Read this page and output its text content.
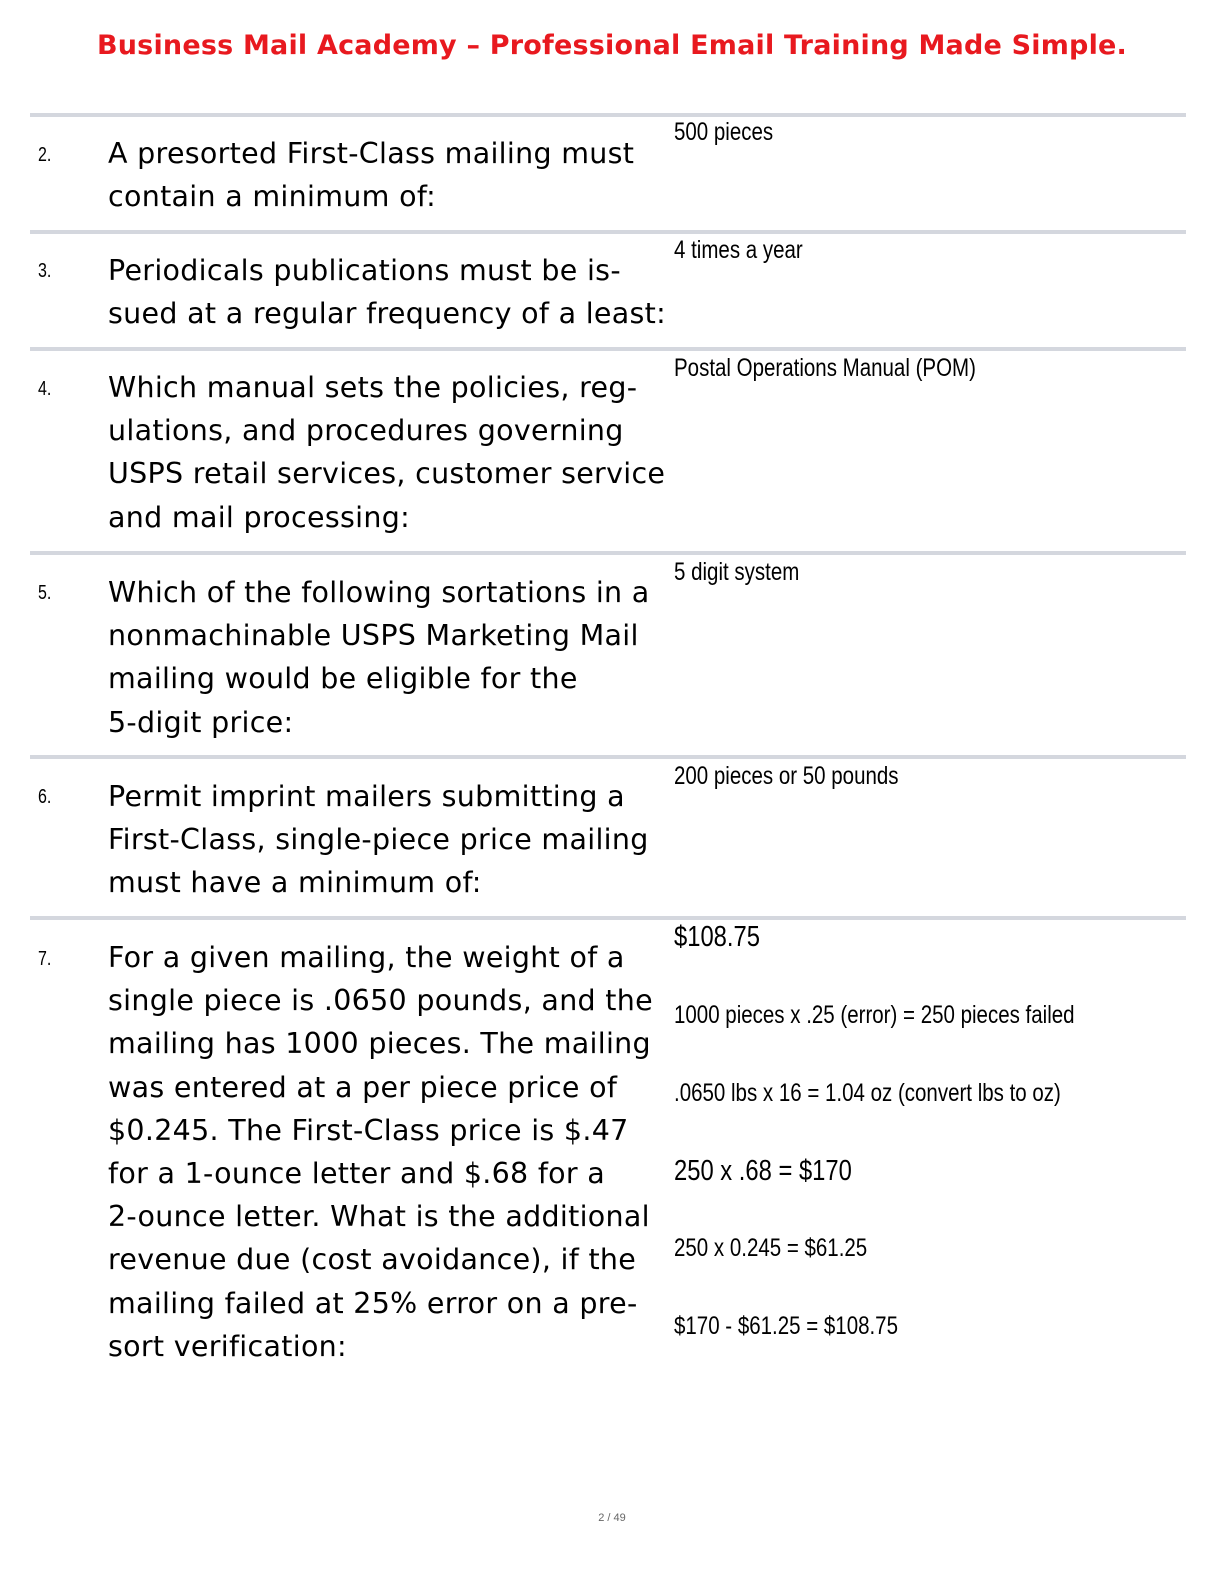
Business Mail Academy – Professional Email Training Made Simple.
2. A presorted First-Class mailing must
contain a minimum of:
500 pieces
3. Periodicals publications must be is-
sued at a regular frequency of a least:
4 times a year
4. Which manual sets the policies, reg-
ulations, and procedures governing
USPS retail services, customer service
and mail processing:
Postal Operations Manual (POM)
5. Which of the following sortations in a
nonmachinable USPS Marketing Mail
mailing would be eligible for the
5-digit price:
5 digit system
6. Permit imprint mailers submitting a
First-Class, single-piece price mailing
must have a minimum of:
200 pieces or 50 pounds
7. For a given mailing, the weight of a
single piece is .0650 pounds, and the
mailing has 1000 pieces. The mailing
was entered at a per piece price of
$0.245. The First-Class price is $.47
for a 1-ounce letter and $.68 for a
2-ounce letter. What is the additional
revenue due (cost avoidance), if the
mailing failed at 25% error on a pre-
sort verification:
$108.75
1000 pieces x .25 (error) = 250 pieces failed
.0650 lbs x 16 = 1.04 oz (convert lbs to oz)
250 x .68 = $170
250 x 0.245 = $61.25
$170 - $61.25 = $108.75
2 / 49
